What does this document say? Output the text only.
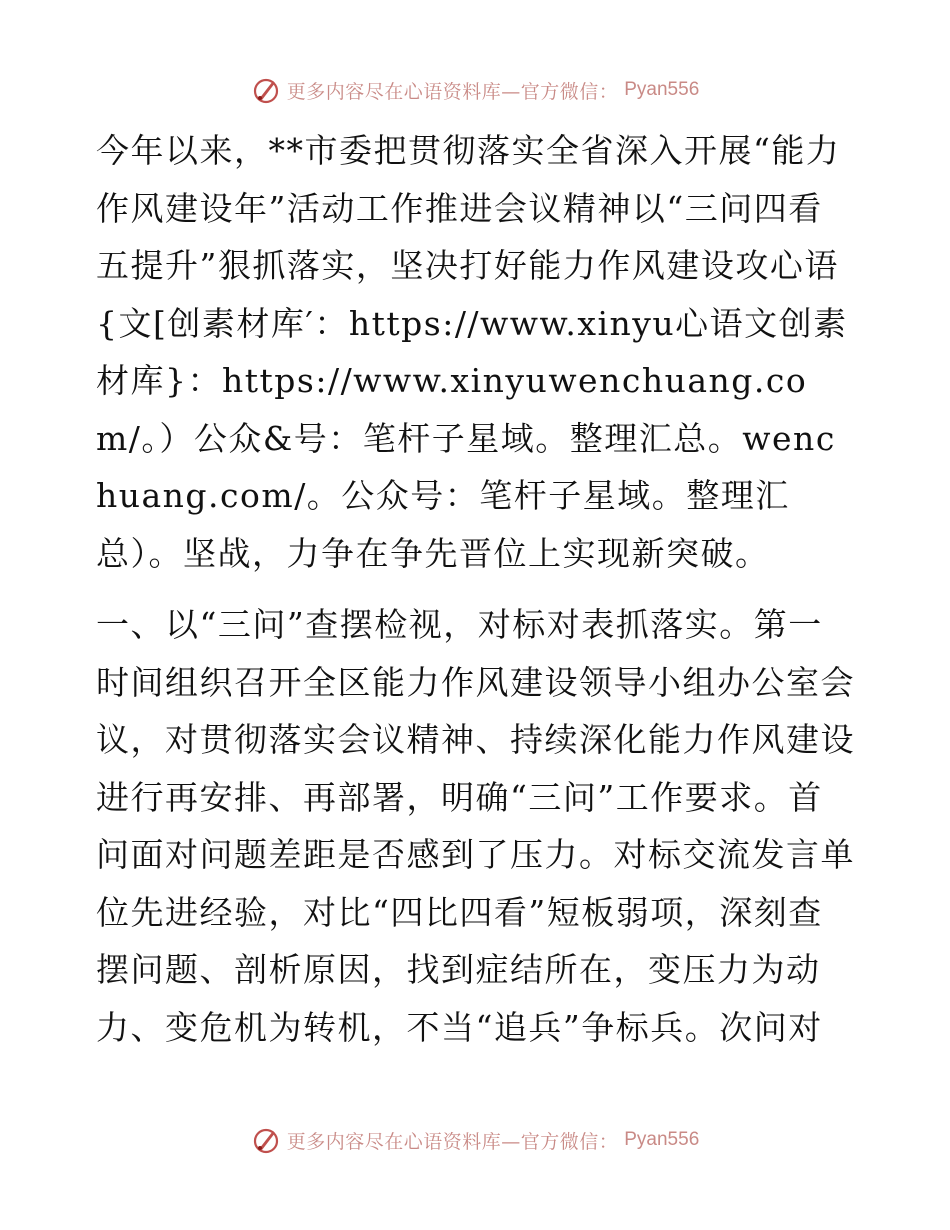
更多内容尽在心语资料库—官方微信： Pyan556

今年以来，**市委把贯彻落实全省深入开展“能力作风建设年”活动工作推进会议精神以“三问四看五提升”狠抓落实，坚决打好能力作风建设攻心语{文[创素材库′：https://www.xinyu心语文创素材库}：https://www.xinyuwenchuang.com/。）公众&号：笔杆子星域。整理汇总。wenchuang.com/。公众号：笔杆子星域。整理汇总）。坚战，力争在争先晋位上实现新突破。

一、以“三问”查摆检视，对标对表抓落实。第一时间组织召开全区能力作风建设领导小组办公室会议，对贯彻落实会议精神、持续深化能力作风建设进行再安排、再部署，明确“三问”工作要求。首问面对问题差距是否感到了压力。对标交流发言单位先进经验，对比“四比四看”短板弱项，深刻查摆问题、剖析原因，找到症结所在，变压力为动力、变危机为转机，不当“追兵”争标兵。次问对

更多内容尽在心语资料库—官方微信： Pyan556
